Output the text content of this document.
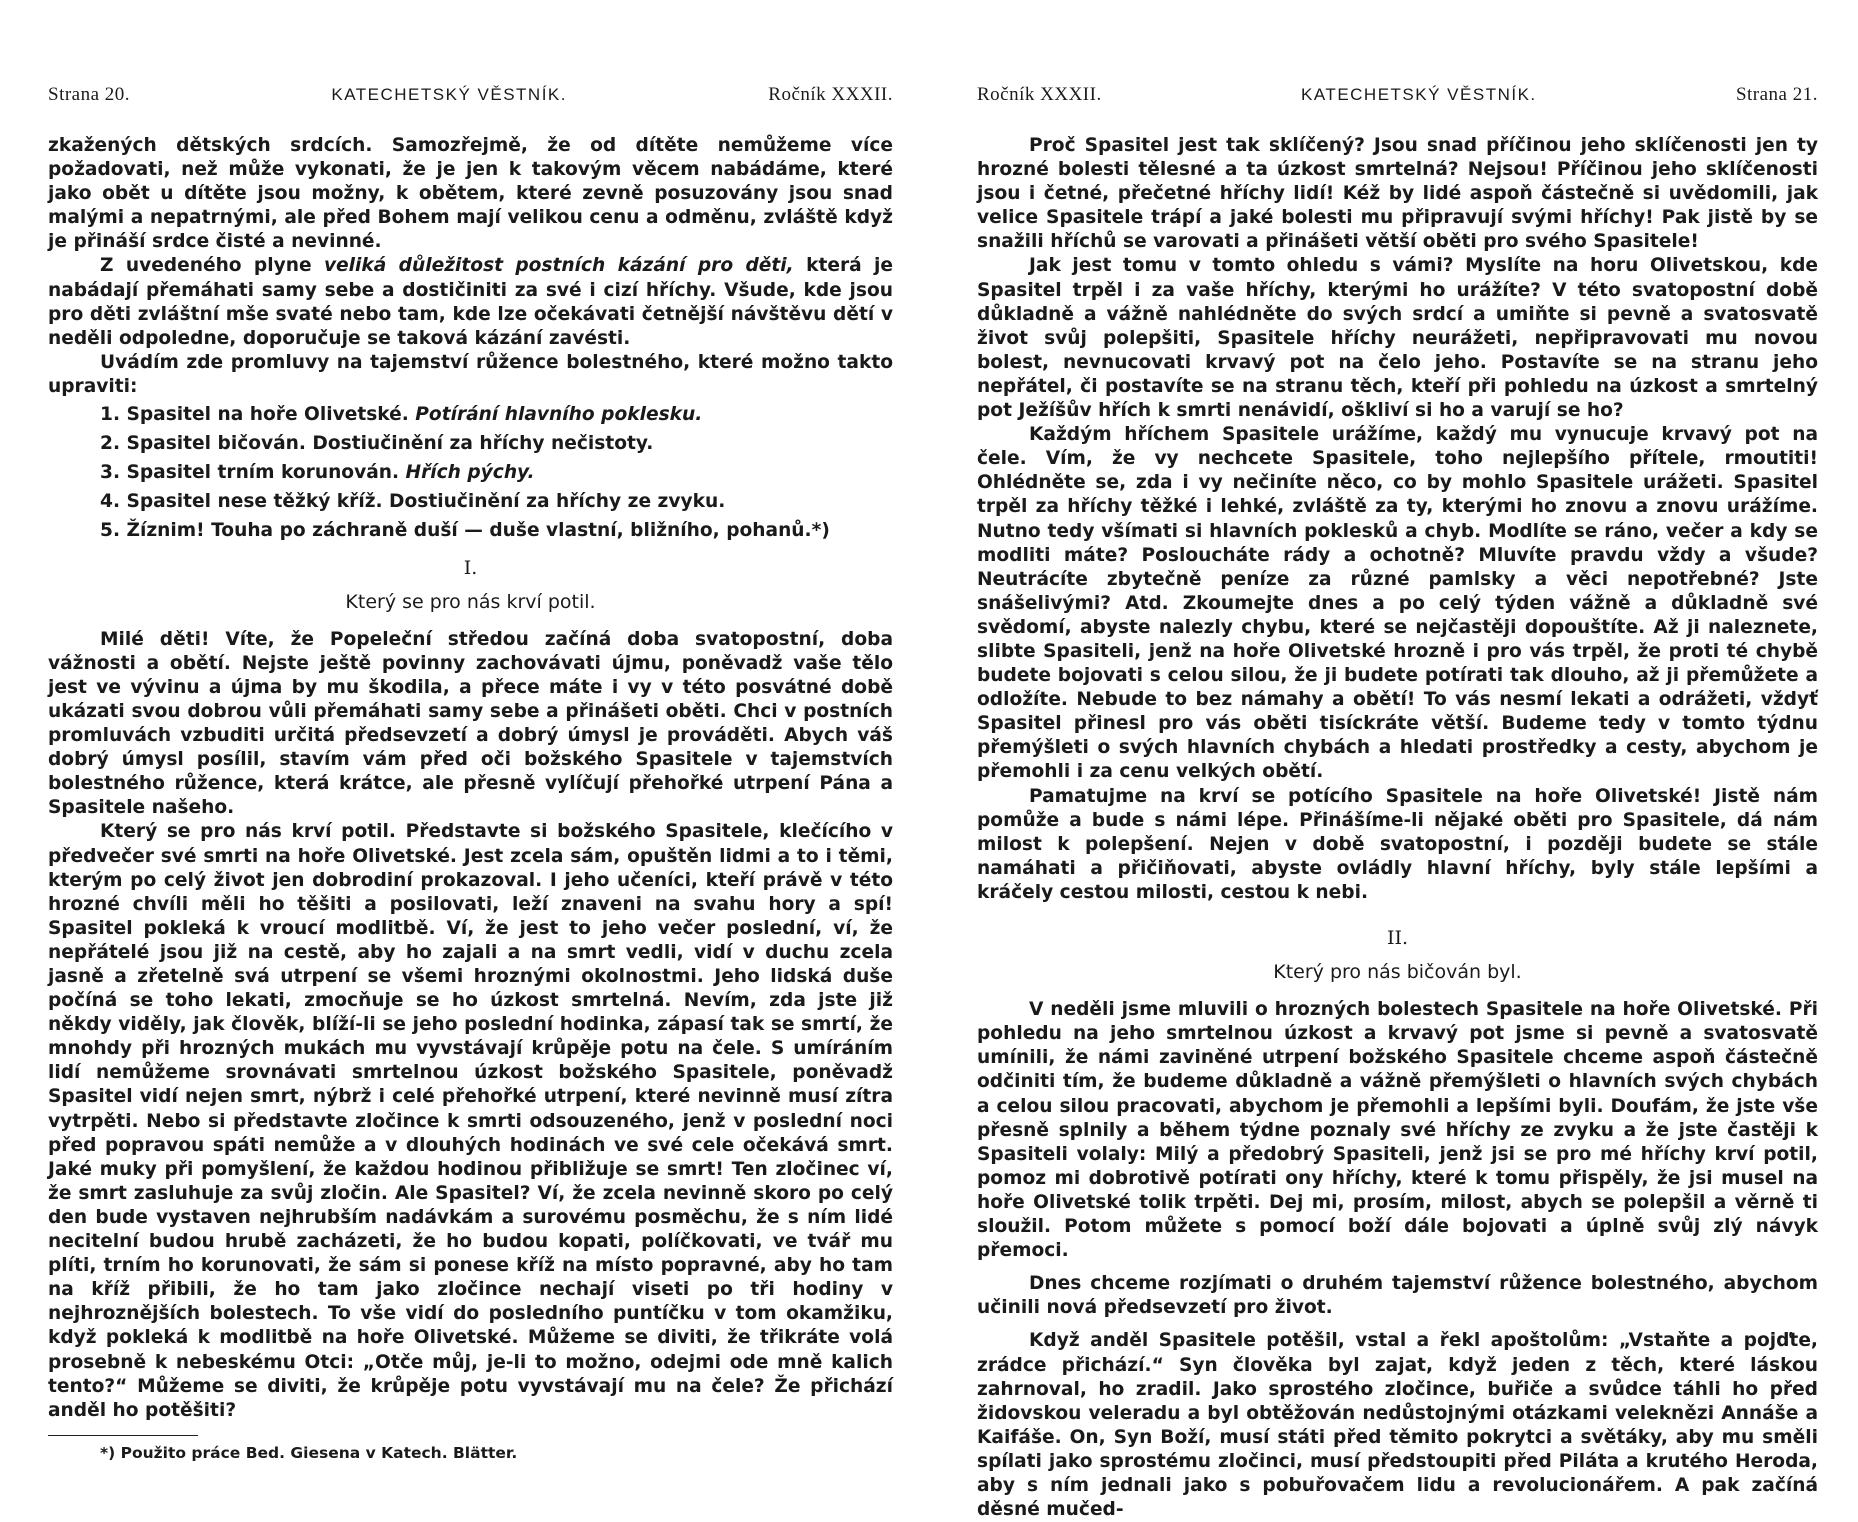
Strana 20.	KATECHETSKÝ VĚSTNÍK.	Ročník XXXII.

zkažených dětských srdcích. Samozřejmě, že od dítěte nemůžeme více požadovati, než může vykonati, že je jen k takovým věcem nabádáme, které jako obět u dítěte jsou možny, k obětem, které zevně posuzovány jsou snad malými a nepatrnými, ale před Bohem mají velikou cenu a odměnu, zvláště když je přináší srdce čisté a nevinné.

Z uvedeného plyne veliká důležitost postních kázání pro děti, která je nabádají přemáhati samy sebe a dostičiniti za své i cizí hříchy. Všude, kde jsou pro děti zvláštní mše svaté nebo tam, kde lze očekávati četnější návštěvu dětí v neděli odpoledne, doporučuje se taková kázání zavésti.

Uvádím zde promluvy na tajemství růžence bolestného, které možno takto upraviti:

1. Spasitel na hoře Olivetské. Potírání hlavního poklesku.
2. Spasitel bičován. Dostiučinění za hříchy nečistoty.
3. Spasitel trním korunován. Hřích pýchy.
4. Spasitel nese těžký kříž. Dostiučinění za hříchy ze zvyku.
5. Žíznim! Touha po záchraně duší — duše vlastní, bližního, pohanů.*)
I.
Který se pro nás krví potil.

Milé děti! Víte, že Popeleční středou začíná doba svatopostní, doba vážnosti a obětí. Nejste ještě povinny zachovávati újmu, poněvadž vaše tělo jest ve vývinu a újma by mu škodila, a přece máte i vy v této posvátné době ukázati svou dobrou vůli přemáhati samy sebe a přinášeti oběti. Chci v postních promluvách vzbuditi určitá předsevzetí a dobrý úmysl je prováděti. Abych váš dobrý úmysl posílil, stavím vám před oči božského Spasitele v tajemstvích bolestného růžence, která krátce, ale přesně vylíčují přehořké utrpení Pána a Spasitele našeho.

Který se pro nás krví potil. Představte si božského Spasitele, klečícího v předvečer své smrti na hoře Olivetské. Jest zcela sám, opuštěn lidmi a to i těmi, kterým po celý život jen dobrodiní prokazoval. I jeho učeníci, kteří právě v této hrozné chvíli měli ho těšiti a posilovati, leží znaveni na svahu hory a spí! Spasitel pokleká k vroucí modlitbě. Ví, že jest to jeho večer poslední, ví, že nepřátelé jsou již na cestě, aby ho zajali a na smrt vedli, vidí v duchu zcela jasně a zřetelně svá utrpení se všemi hroznými okolnostmi. Jeho lidská duše počíná se toho lekati, zmocňuje se ho úzkost smrtelná. Nevím, zda jste již někdy viděly, jak člověk, blíží-li se jeho poslední hodinka, zápasí tak se smrtí, že mnohdy při hrozných mukách mu vyvstávají krůpěje potu na čele. S umíráním lidí nemůžeme srovnávati smrtelnou úzkost božského Spasitele, poněvadž Spasitel vidí nejen smrt, nýbrž i celé přehořké utrpení, které nevinně musí zítra vytrpěti. Nebo si představte zločince k smrti odsouzeného, jenž v poslední noci před popravou spáti nemůže a v dlouhých hodinách ve své cele očekává smrt. Jaké muky při pomyšlení, že každou hodinou přibližuje se smrt! Ten zločinec ví, že smrt zasluhuje za svůj zločin. Ale Spasitel? Ví, že zcela nevinně skoro po celý den bude vystaven nejhrubším nadávkám a surovému posměchu, že s ním lidé necitelní budou hrubě zacházeti, že ho budou kopati, políčkovati, ve tvář mu plíti, trním ho korunovati, že sám si ponese kříž na místo popravné, aby ho tam na kříž přibili, že ho tam jako zločince nechají viseti po tři hodiny v nejhroznějších bolestech. To vše vidí do posledního puntíčku v tom okamžiku, když pokleká k modlitbě na hoře Olivetské. Můžeme se diviti, že třikráte volá prosebně k nebeskému Otci: „Otče můj, je-li to možno, odejmi ode mně kalich tento?“ Můžeme se diviti, že krůpěje potu vyvstávají mu na čele? Že přichází anděl ho potěšiti?

*) Použito práce Bed. Giesena v Katech. Blätter.
Ročník XXXII.	KATECHETSKÝ VĚSTNÍK.	Strana 21.

Proč Spasitel jest tak sklíčený? Jsou snad příčinou jeho sklíčenosti jen ty hrozné bolesti tělesné a ta úzkost smrtelná? Nejsou! Příčinou jeho sklíčenosti jsou i četné, přečetné hříchy lidí! Kéž by lidé aspoň částečně si uvědomili, jak velice Spasitele trápí a jaké bolesti mu připravují svými hříchy! Pak jistě by se snažili hříchů se varovati a přinášeti větší oběti pro svého Spasitele!

Jak jest tomu v tomto ohledu s vámi? Myslíte na horu Olivetskou, kde Spasitel trpěl i za vaše hříchy, kterými ho urážíte? V této svatopostní době důkladně a vážně nahlédněte do svých srdcí a umiňte si pevně a svatosvatě život svůj polepšiti, Spasitele hříchy neurážeti, nepřipravovati mu novou bolest, nevnucovati krvavý pot na čelo jeho. Postavíte se na stranu jeho nepřátel, či postavíte se na stranu těch, kteří při pohledu na úzkost a smrtelný pot Ježíšův hřích k smrti nenávidí, oškliví si ho a varují se ho?

Každým hříchem Spasitele urážíme, každý mu vynucuje krvavý pot na čele. Vím, že vy nechcete Spasitele, toho nejlepšího přítele, rmoutiti! Ohlédněte se, zda i vy nečiníte něco, co by mohlo Spasitele urážeti. Spasitel trpěl za hříchy těžké i lehké, zvláště za ty, kterými ho znovu a znovu urážíme. Nutno tedy všímati si hlavních poklesků a chyb. Modlíte se ráno, večer a kdy se modliti máte? Posloucháte rády a ochotně? Mluvíte pravdu vždy a všude? Neutrácíte zbytečně peníze za různé pamlsky a věci nepotřebné? Jste snášelivými? Atd. Zkoumejte dnes a po celý týden vážně a důkladně své svědomí, abyste nalezly chybu, které se nejčastěji dopouštíte. Až ji naleznete, slibte Spasiteli, jenž na hoře Olivetské hrozně i pro vás trpěl, že proti té chybě budete bojovati s celou silou, že ji budete potírati tak dlouho, až ji přemůžete a odložíte. Nebude to bez námahy a obětí! To vás nesmí lekati a odrážeti, vždyť Spasitel přinesl pro vás oběti tisíckráte větší. Budeme tedy v tomto týdnu přemýšleti o svých hlavních chybách a hledati prostředky a cesty, abychom je přemohli i za cenu velkých obětí.

Pamatujme na krví se potícího Spasitele na hoře Olivetské! Jistě nám pomůže a bude s námi lépe. Přinášíme-li nějaké oběti pro Spasitele, dá nám milost k polepšení. Nejen v době svatopostní, i později budete se stále namáhati a přičiňovati, abyste ovládly hlavní hříchy, byly stále lepšími a kráčely cestou milosti, cestou k nebi.

II.
Který pro nás bičován byl.

V neděli jsme mluvili o hrozných bolestech Spasitele na hoře Olivetské. Při pohledu na jeho smrtelnou úzkost a krvavý pot jsme si pevně a svatosvatě umínili, že námi zaviněné utrpení božského Spasitele chceme aspoň částečně odčiniti tím, že budeme důkladně a vážně přemýšleti o hlavních svých chybách a celou silou pracovati, abychom je přemohli a lepšími byli. Doufám, že jste vše přesně splnily a během týdne poznaly své hříchy ze zvyku a že jste častěji k Spasiteli volaly: Milý a předobrý Spasiteli, jenž jsi se pro mé hříchy krví potil, pomoz mi dobrotivě potírati ony hříchy, které k tomu přispěly, že jsi musel na hoře Olivetské tolik trpěti. Dej mi, prosím, milost, abych se polepšil a věrně ti sloužil. Potom můžete s pomocí boží dále bojovati a úplně svůj zlý návyk přemoci.

Dnes chceme rozjímati o druhém tajemství růžence bolestného, abychom učinili nová předsevzetí pro život.

Když anděl Spasitele potěšil, vstal a řekl apoštolům: „Vstaňte a pojďte, zrádce přichází.“ Syn člověka byl zajat, když jeden z těch, které láskou zahrnoval, ho zradil. Jako sprostého zločince, buřiče a svůdce táhli ho před židovskou veleradu a byl obtěžován nedůstojnými otázkami veleknězi Annáše a Kaifáše. On, Syn Boží, musí státi před těmito pokrytci a světáky, aby mu směli spílati jako sprostému zločinci, musí předstoupiti před Piláta a krutého Heroda, aby s ním jednali jako s pobuřovačem lidu a revolucionářem. A pak začíná děsné mučed-
